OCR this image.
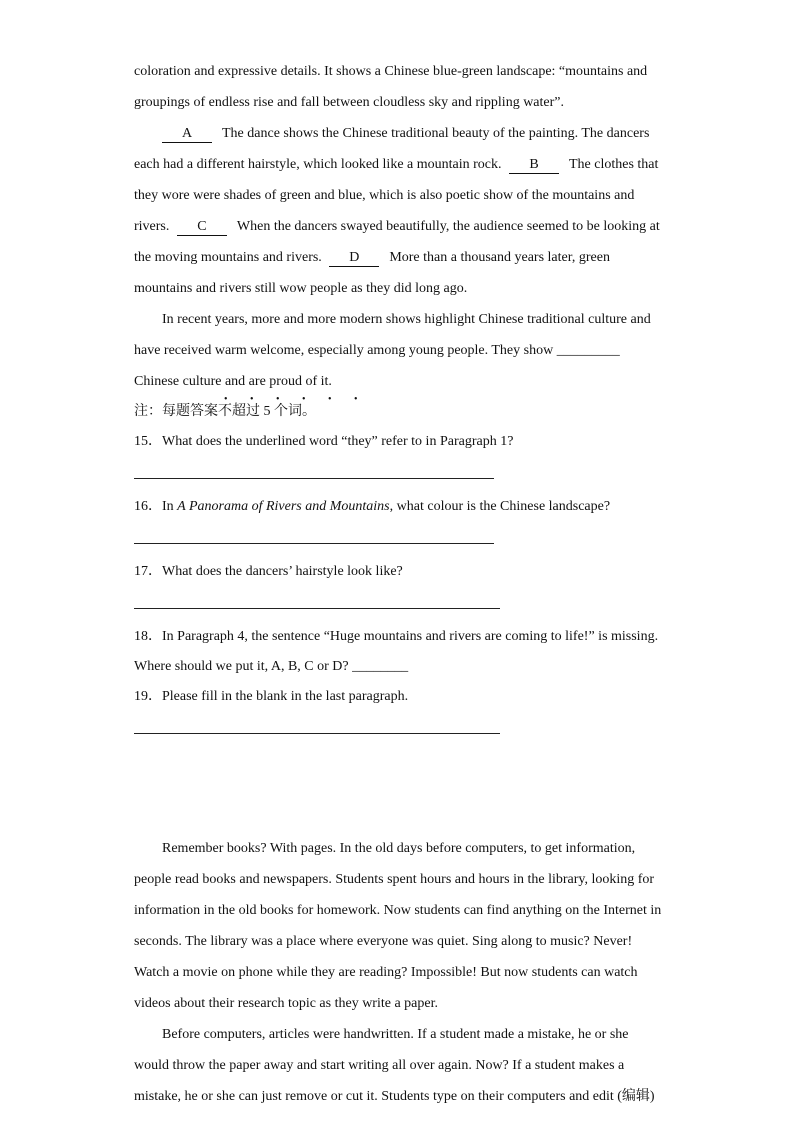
coloration and expressive details. It shows a Chinese blue-green landscape: “mountains and
groupings of endless rise and fall between cloudless sky and rippling water”.
A The dance shows the Chinese traditional beauty of the painting. The dancers
each had a different hairstyle, which looked like a mountain rock. B The clothes that
they wore were shades of green and blue, which is also poetic show of the mountains and
rivers. C When the dancers swayed beautifully, the audience seemed to be looking at
the moving mountains and rivers. D More than a thousand years later, green
mountains and rivers still wow people as they did long ago.
In recent years, more and more modern shows highlight Chinese traditional culture and
have received warm welcome, especially among young people. They show _________
Chinese culture and are proud of it.
• • • • • •
注：每题答案不超过 5 个词。
15．What does the underlined word “they” refer to in Paragraph 1?
16．In A Panorama of Rivers and Mountains, what colour is the Chinese landscape?
17．What does the dancers’ hairstyle look like?
18．In Paragraph 4, the sentence “Huge mountains and rivers are coming to life!” is missing.
Where should we put it, A, B, C or D? ________
19．Please fill in the blank in the last paragraph.
Remember books? With pages. In the old days before computers, to get information,
people read books and newspapers. Students spent hours and hours in the library, looking for
information in the old books for homework. Now students can find anything on the Internet in
seconds. The library was a place where everyone was quiet. Sing along to music? Never!
Watch a movie on phone while they are reading? Impossible! But now students can watch
videos about their research topic as they write a paper.
Before computers, articles were handwritten. If a student made a mistake, he or she
would throw the paper away and start writing all over again. Now? If a student makes a
mistake, he or she can just remove or cut it. Students type on their computers and edit (编辑)
